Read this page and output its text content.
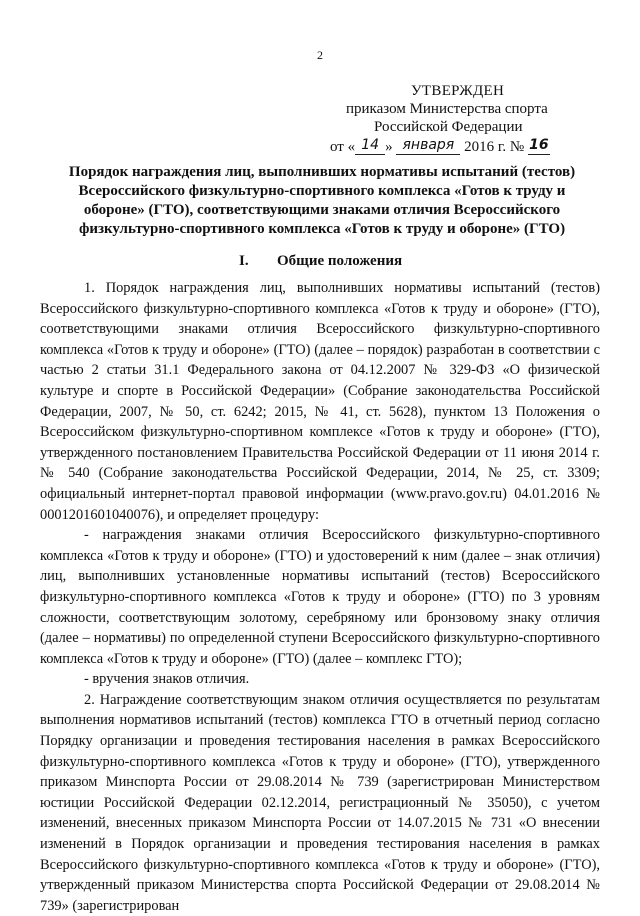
2
УТВЕРЖДЕН
приказом Министерства спорта
Российской Федерации
от « 14 » января 2016 г. № 16
Порядок награждения лиц, выполнивших нормативы испытаний (тестов) Всероссийского физкультурно-спортивного комплекса «Готов к труду и обороне» (ГТО), соответствующими знаками отличия Всероссийского физкультурно-спортивного комплекса «Готов к труду и обороне» (ГТО)
I. Общие положения

1. Порядок награждения лиц, выполнивших нормативы испытаний (тестов) Всероссийского физкультурно-спортивного комплекса «Готов к труду и обороне» (ГТО), соответствующими знаками отличия Всероссийского физкультурно-спортивного комплекса «Готов к труду и обороне» (ГТО) (далее – порядок) разработан в соответствии с частью 2 статьи 31.1 Федерального закона от 04.12.2007 № 329-ФЗ «О физической культуре и спорте в Российской Федерации» (Собрание законодательства Российской Федерации, 2007, № 50, ст. 6242; 2015, № 41, ст. 5628), пунктом 13 Положения о Всероссийском физкультурно-спортивном комплексе «Готов к труду и обороне» (ГТО), утвержденного постановлением Правительства Российской Федерации от 11 июня 2014 г. № 540 (Собрание законодательства Российской Федерации, 2014, № 25, ст. 3309; официальный интернет-портал правовой информации (www.pravo.gov.ru) 04.01.2016 № 0001201601040076), и определяет процедуру:

- награждения знаками отличия Всероссийского физкультурно-спортивного комплекса «Готов к труду и обороне» (ГТО) и удостоверений к ним (далее – знак отличия) лиц, выполнивших установленные нормативы испытаний (тестов) Всероссийского физкультурно-спортивного комплекса «Готов к труду и обороне» (ГТО) по 3 уровням сложности, соответствующим золотому, серебряному или бронзовому знаку отличия (далее – нормативы) по определенной ступени Всероссийского физкультурно-спортивного комплекса «Готов к труду и обороне» (ГТО) (далее – комплекс ГТО);

- вручения знаков отличия.

2. Награждение соответствующим знаком отличия осуществляется по результатам выполнения нормативов испытаний (тестов) комплекса ГТО в отчетный период согласно Порядку организации и проведения тестирования населения в рамках Всероссийского физкультурно-спортивного комплекса «Готов к труду и обороне» (ГТО), утвержденного приказом Минспорта России от 29.08.2014 № 739 (зарегистрирован Министерством юстиции Российской Федерации 02.12.2014, регистрационный № 35050), с учетом изменений, внесенных приказом Минспорта России от 14.07.2015 № 731 «О внесении изменений в Порядок организации и проведения тестирования населения в рамках Всероссийского физкультурно-спортивного комплекса «Готов к труду и обороне» (ГТО), утвержденный приказом Министерства спорта Российской Федерации от 29.08.2014 № 739» (зарегистрирован
